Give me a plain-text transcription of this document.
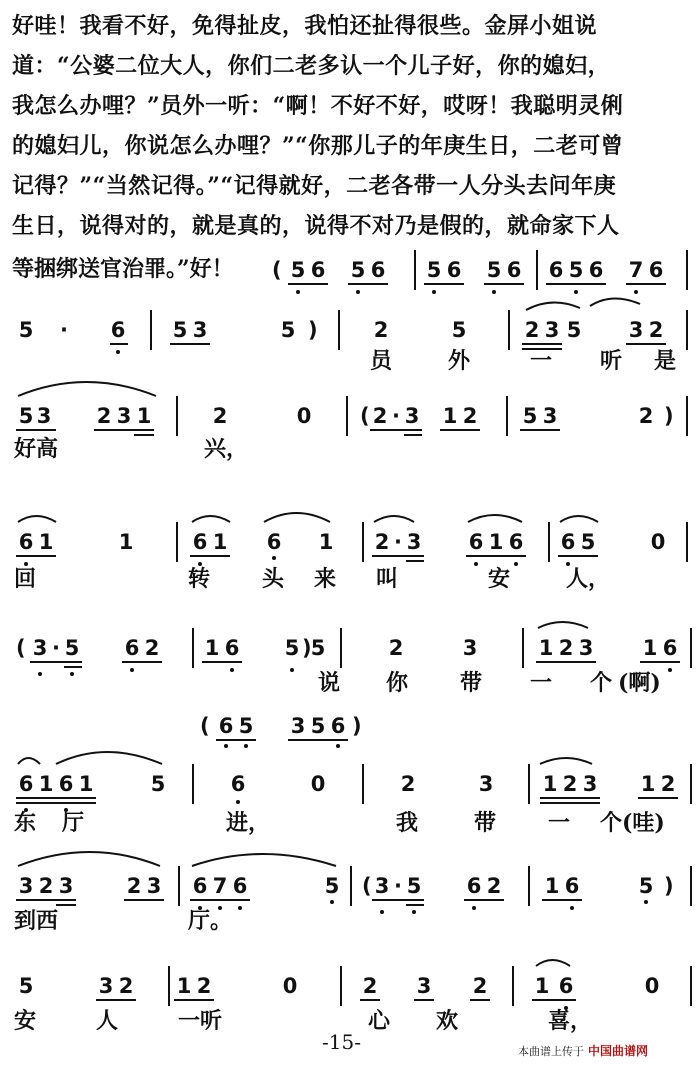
好哇！我看不好，免得扯皮，我怕还扯得很些。金屏小姐说
道：“公婆二位大人，你们二老多认一个儿子好，你的媳妇，
我怎么办哩？”员外一听：“啊！不好不好，哎呀！我聪明灵俐
的媳妇儿，你说怎么办哩？”“你那儿子的年庚生日，二老可曾
记得？”“当然记得。”“记得就好，二老各带一人分头去问年庚
生日，说得对的，就是真的，说得不对乃是假的，就命家下人
等捆绑送官治罪。”好！ ( 5 6 5 6 5 6 5 6 6 5 6 7 6
5 · 6 5 3	5 )	2	5	2 3 5 3 2
员	外	一 听 是
5 3 2 3 1	2	0 ( 2 · 3 1 2 5 3	2 )
好高	兴，
6 1	1	6 1 6 1 2 · 3 6 1 6 6 5	0
回	转 头 来 叫	安	人，
( 3 · 5 6 2 1 6 5 ) 5	2	3	1 2 3 1 6
说 你 带 一 个 (啊)
( 6 5 3 5 6 )
6 1 6 1	5	6	0	2	3 1 2 3 1 2
东 厅	进，	我	带 一 个(哇)
3 2 3	2 3 6 7 6	5 ( 3 · 5 6 2 1 6	5 )
到西	厅。
5	3 2 1 2	0	2 3 2 1 6	0
安	人	一听	心 欢	喜，
-15-	本曲谱上传于 中国曲谱网
